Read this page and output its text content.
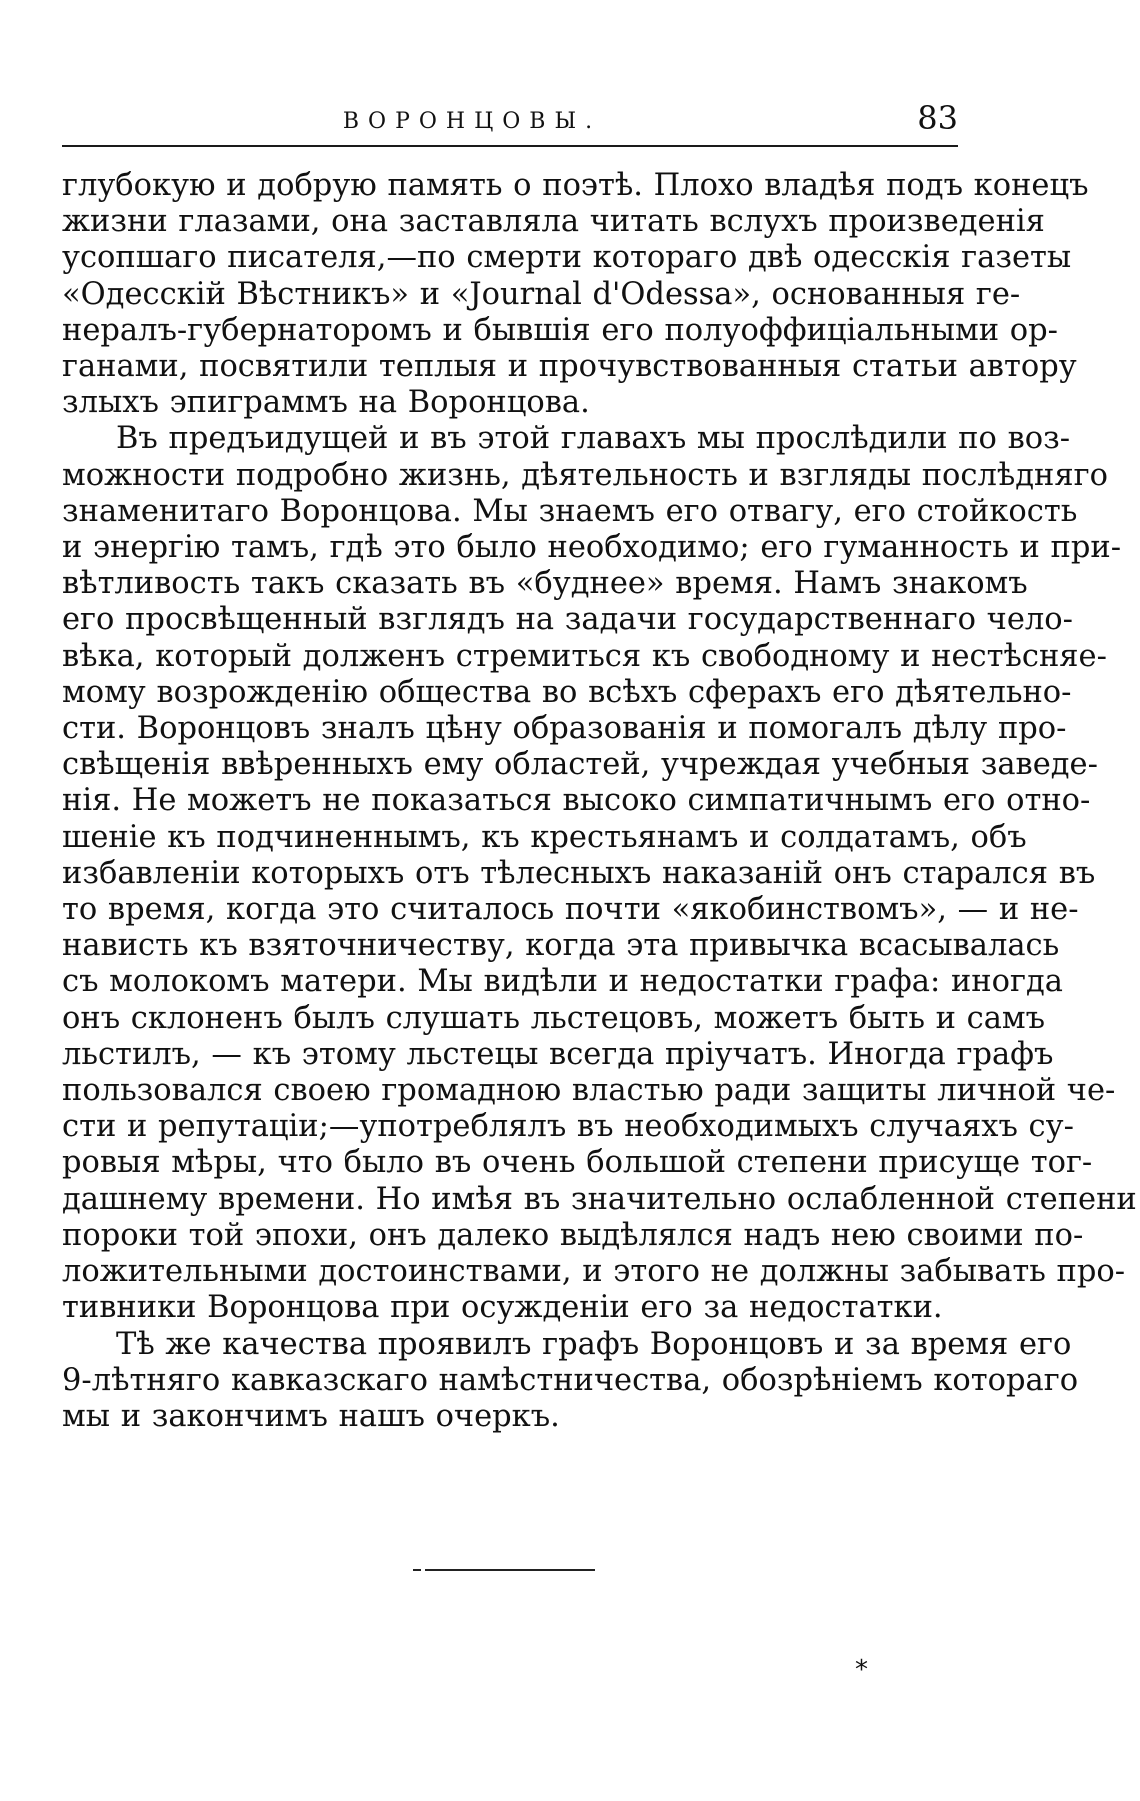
ВОРОНЦОВЫ.	83

глубокую и добрую память о поэтѣ. Плохо владѣя подъ конецъ
жизни глазами, она заставляла читать вслухъ произведенія
усопшаго писателя,—по смерти котораго двѣ одесскія газеты
«Одесскій Вѣстникъ» и «Journal d'Odessa», основанныя ге-
нералъ-губернаторомъ и бывшія его полуоффиціальными ор-
ганами, посвятили теплыя и прочувствованныя статьи автору
злыхъ эпиграммъ на Воронцова.

Въ предъидущей и въ этой главахъ мы прослѣдили по воз-
можности подробно жизнь, дѣятельность и взгляды послѣдняго
знаменитаго Воронцова. Мы знаемъ его отвагу, его стойкость
и энергію тамъ, гдѣ это было необходимо; его гуманность и при-
вѣтливость такъ сказать въ «буднее» время. Намъ знакомъ
его просвѣщенный взглядъ на задачи государственнаго чело-
вѣка, который долженъ стремиться къ свободному и нестѣсняе-
мому возрожденію общества во всѣхъ сферахъ его дѣятельно-
сти. Воронцовъ зналъ цѣну образованія и помогалъ дѣлу про-
свѣщенія ввѣренныхъ ему областей, учреждая учебныя заведе-
нія. Не можетъ не показаться высоко симпатичнымъ его отно-
шеніе къ подчиненнымъ, къ крестьянамъ и солдатамъ, объ
избавленіи которыхъ отъ тѣлесныхъ наказаній онъ старался въ
то время, когда это считалось почти «якобинствомъ», — и не-
нависть къ взяточничеству, когда эта привычка всасывалась
съ молокомъ матери. Мы видѣли и недостатки графа: иногда
онъ склоненъ былъ слушать льстецовъ, можетъ быть и самъ
льстилъ, — къ этому льстецы всегда пріучатъ. Иногда графъ
пользовался своею громадною властью ради защиты личной че-
сти и репутаціи;—употреблялъ въ необходимыхъ случаяхъ су-
ровыя мѣры, что было въ очень большой степени присуще тог-
дашнему времени. Но имѣя въ значительно ослабленной степени
пороки той эпохи, онъ далеко выдѣлялся надъ нею своими по-
ложительными достоинствами, и этого не должны забывать про-
тивники Воронцова при осужденіи его за недостатки.

Тѣ же качества проявилъ графъ Воронцовъ и за время его
9-лѣтняго кавказскаго намѣстничества, обозрѣніемъ котораго
мы и закончимъ нашъ очеркъ.

*
